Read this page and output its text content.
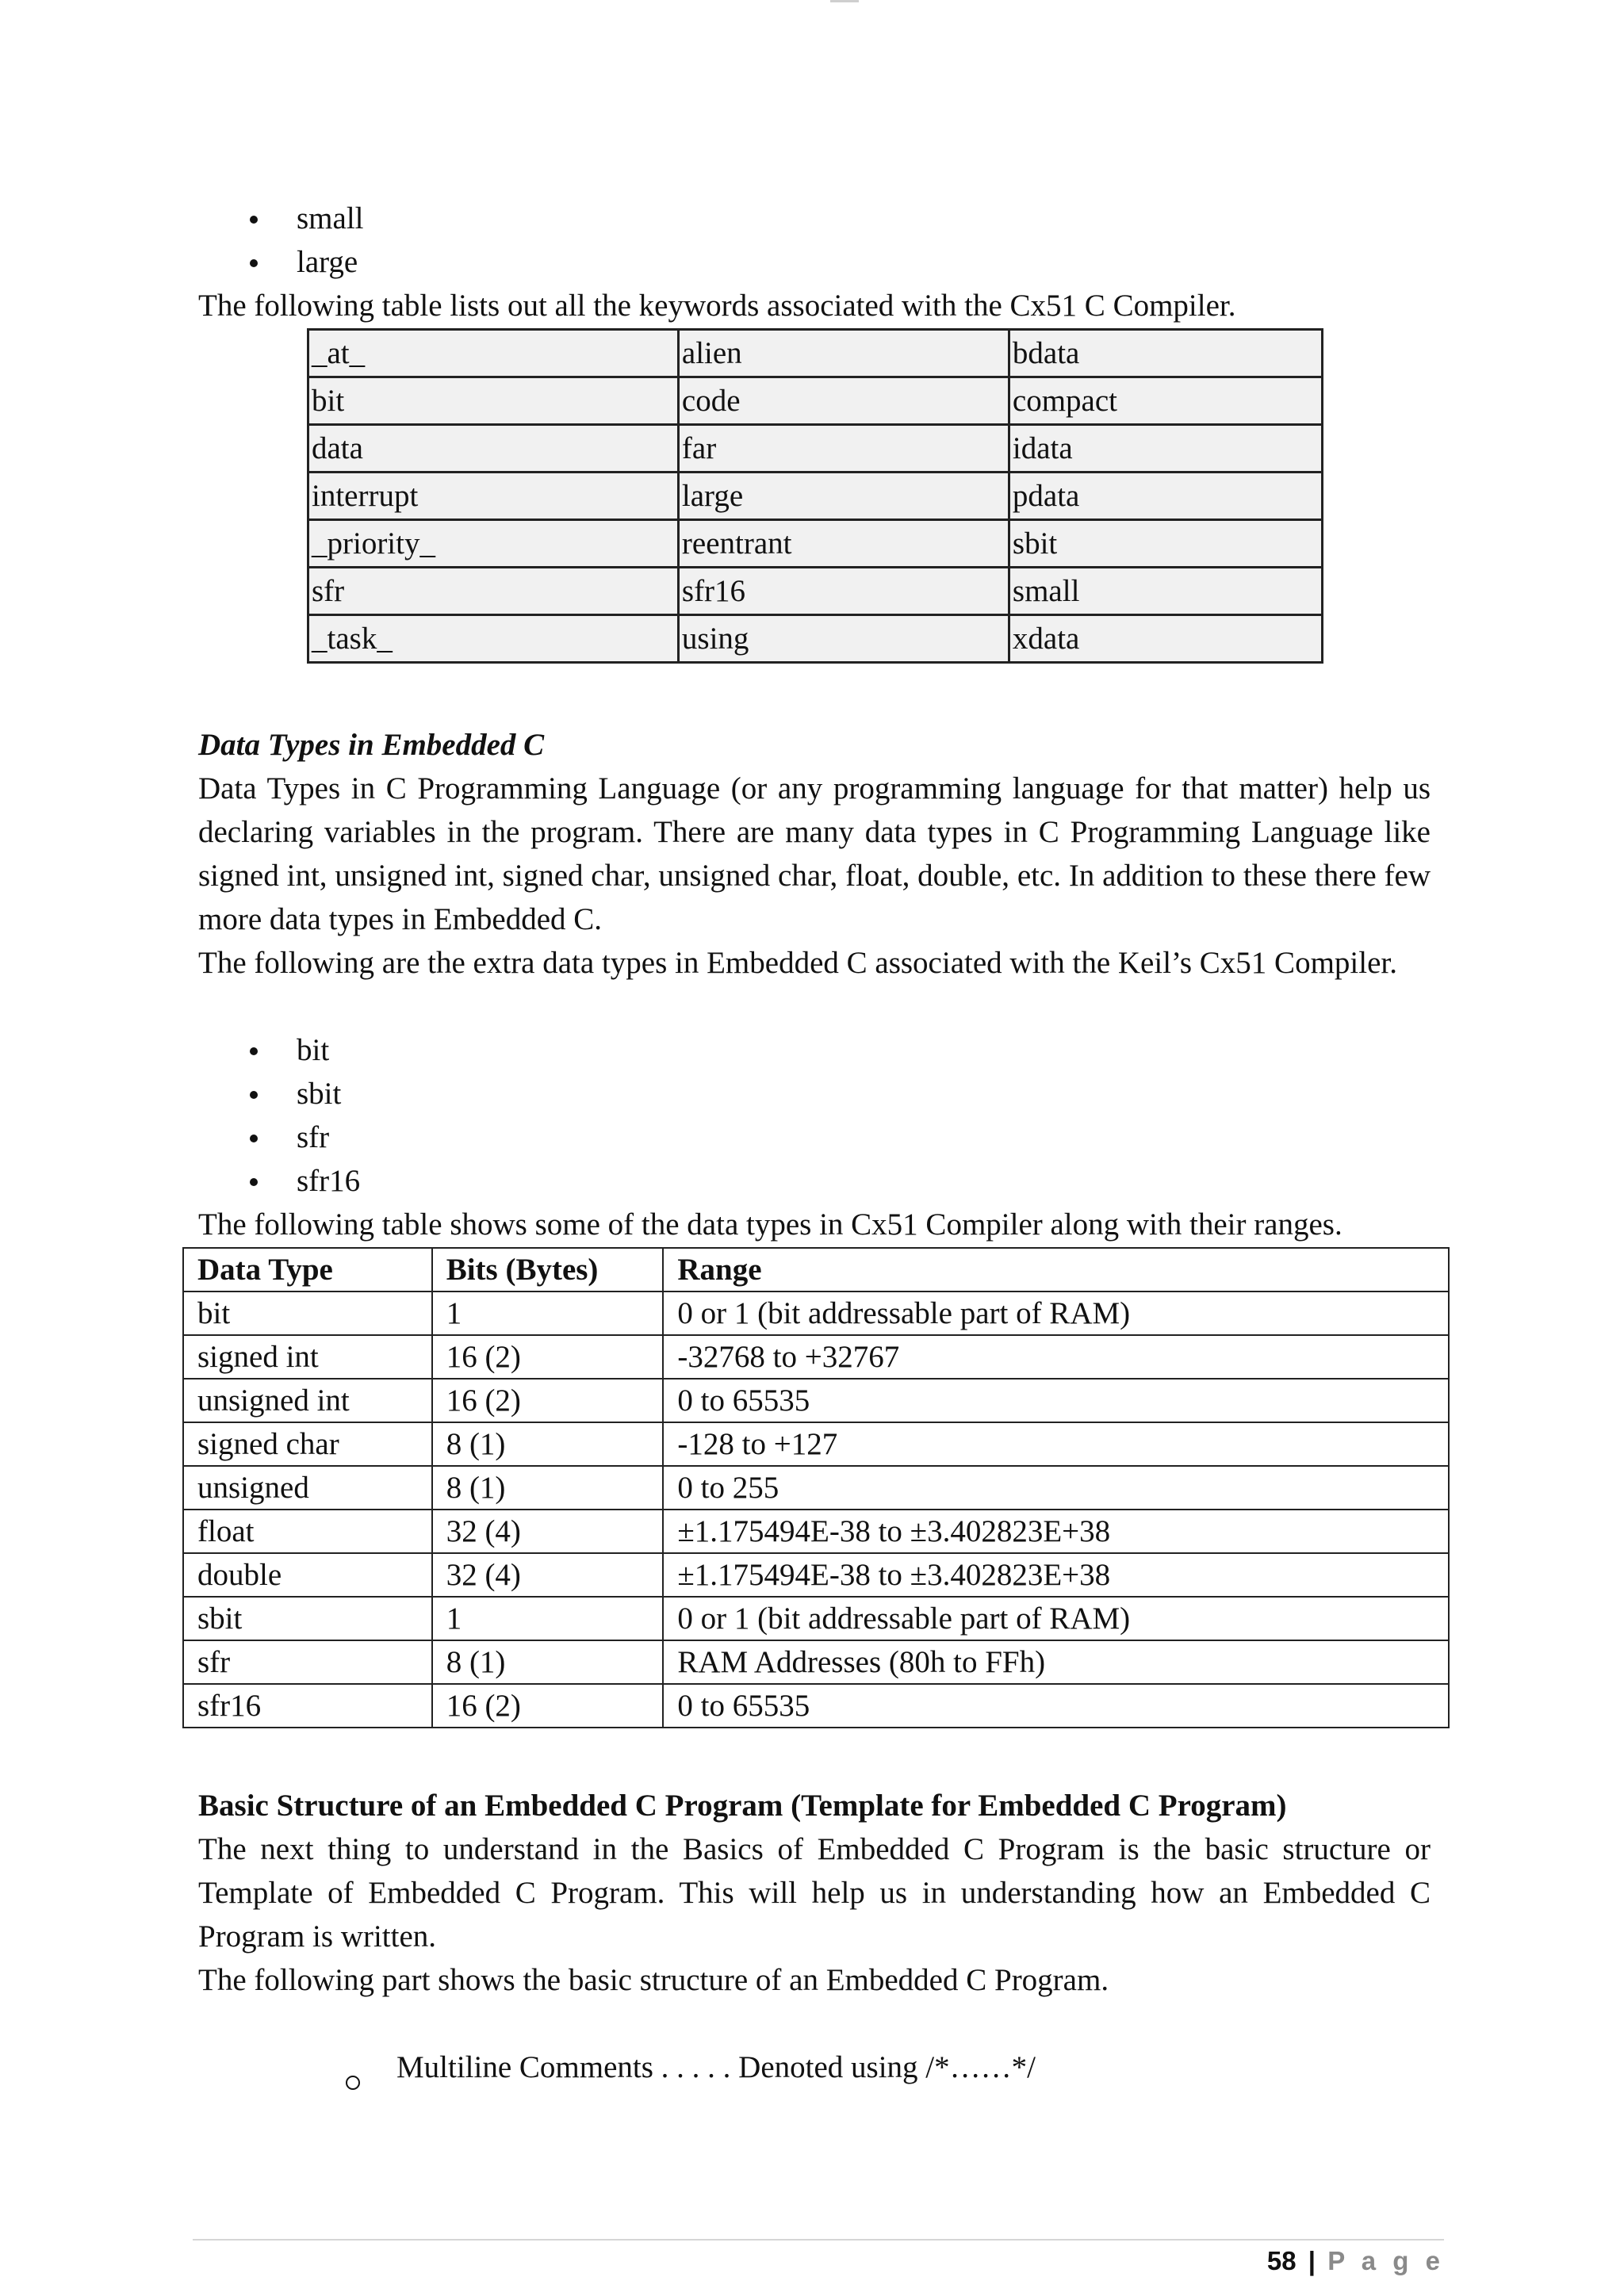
small
large
The following table lists out all the keywords associated with the Cx51 C Compiler.
_at_	alien	bdata
bit	code	compact
data	far	idata
interrupt	large	pdata
_priority_	reentrant	sbit
sfr	sfr16	small
_task_	using	xdata
Data Types in Embedded C
Data Types in C Programming Language (or any programming language for that matter) help us declaring variables in the program. There are many data types in C Programming Language like signed int, unsigned int, signed char, unsigned char, float, double, etc. In addition to these there few more data types in Embedded C.
The following are the extra data types in Embedded C associated with the Keil’s Cx51 Compiler.
bit
sbit
sfr
sfr16
The following table shows some of the data types in Cx51 Compiler along with their ranges.
Data Type	Bits (Bytes)	Range
bit	1	0 or 1 (bit addressable part of RAM)
signed int	16 (2)	-32768 to +32767
unsigned int	16 (2)	0 to 65535
signed char	8 (1)	-128 to +127
unsigned	8 (1)	0 to 255
float	32 (4)	±1.175494E-38 to ±3.402823E+38
double	32 (4)	±1.175494E-38 to ±3.402823E+38
sbit	1	0 or 1 (bit addressable part of RAM)
sfr	8 (1)	RAM Addresses (80h to FFh)
sfr16	16 (2)	0 to 65535
Basic Structure of an Embedded C Program (Template for Embedded C Program)
The next thing to understand in the Basics of Embedded C Program is the basic structure or Template of Embedded C Program. This will help us in understanding how an Embedded C Program is written.
The following part shows the basic structure of an Embedded C Program.
Multiline Comments . . . . . Denoted using /*……*/
58 | P a g e
